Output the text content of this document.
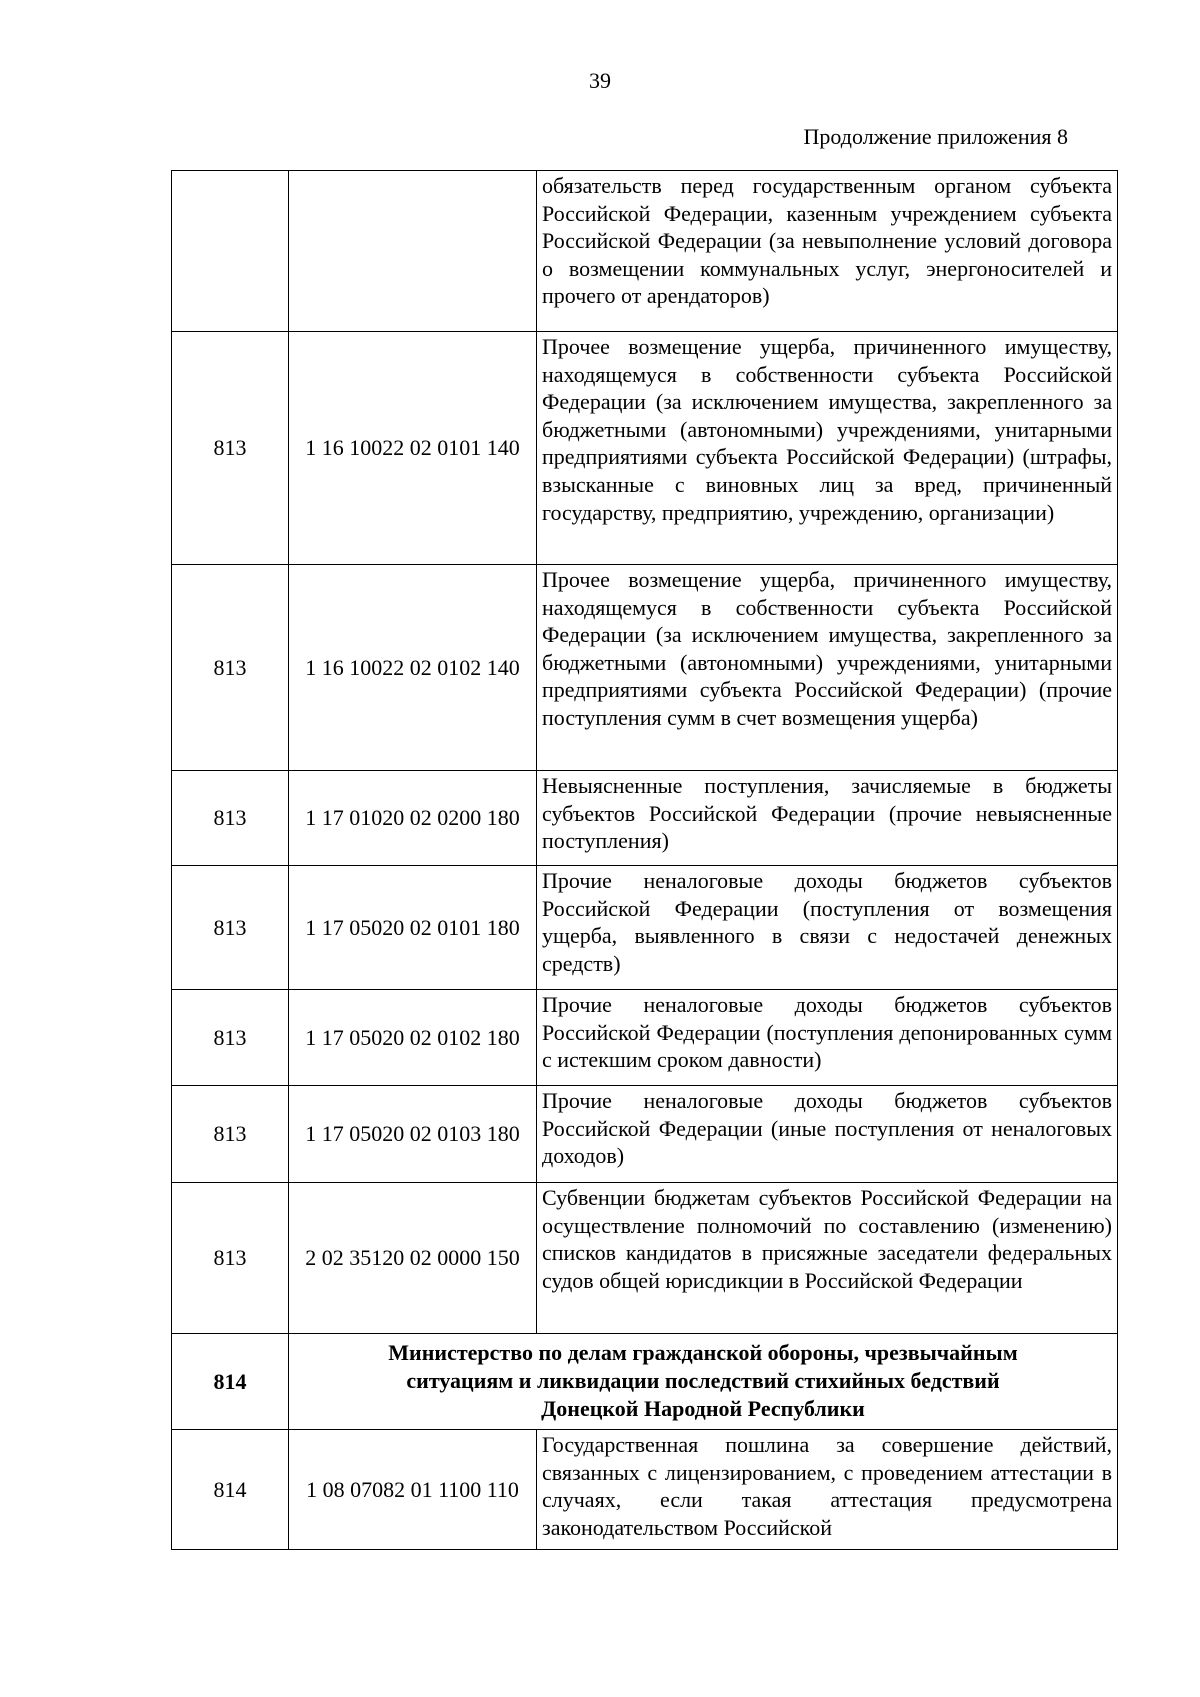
39
Продолжение приложения 8
		обязательств перед государственным органом субъекта Российской Федерации, казенным учреждением субъекта Российской Федерации (за невыполнение условий договора о возмещении коммунальных услуг, энергоносителей и прочего от арендаторов)
813	1 16 10022 02 0101 140	Прочее возмещение ущерба, причиненного имуществу, находящемуся в собственности субъекта Российской Федерации (за исключением имущества, закрепленного за бюджетными (автономными) учреждениями, унитарными предприятиями субъекта Российской Федерации) (штрафы, взысканные с виновных лиц за вред, причиненный государству, предприятию, учреждению, организации)
813	1 16 10022 02 0102 140	Прочее возмещение ущерба, причиненного имуществу, находящемуся в собственности субъекта Российской Федерации (за исключением имущества, закрепленного за бюджетными (автономными) учреждениями, унитарными предприятиями субъекта Российской Федерации) (прочие поступления сумм в счет возмещения ущерба)
813	1 17 01020 02 0200 180	Невыясненные поступления, зачисляемые в бюджеты субъектов Российской Федерации (прочие невыясненные поступления)
813	1 17 05020 02 0101 180	Прочие неналоговые доходы бюджетов субъектов Российской Федерации (поступления от возмещения ущерба, выявленного в связи с недостачей денежных средств)
813	1 17 05020 02 0102 180	Прочие неналоговые доходы бюджетов субъектов Российской Федерации (поступления депонированных сумм с истекшим сроком давности)
813	1 17 05020 02 0103 180	Прочие неналоговые доходы бюджетов субъектов Российской Федерации (иные поступления от неналоговых доходов)
813	2 02 35120 02 0000 150	Субвенции бюджетам субъектов Российской Федерации на осуществление полномочий по составлению (изменению) списков кандидатов в присяжные заседатели федеральных судов общей юрисдикции в Российской Федерации
814	Министерство по делам гражданской обороны, чрезвычайным
ситуациям и ликвидации последствий стихийных бедствий
Донецкой Народной Республики	

814	1 08 07082 01 1100 110	Государственная пошлина за совершение действий, связанных с лицензированием, с проведением аттестации в случаях, если такая аттестация предусмотрена законодательством Российской
